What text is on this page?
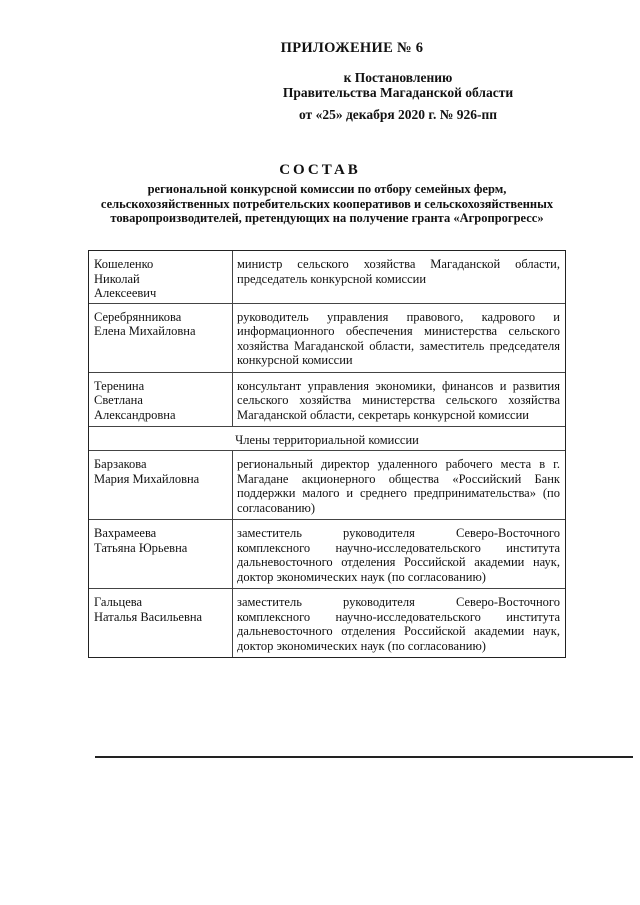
ПРИЛОЖЕНИЕ № 6
к Постановлению
Правительства Магаданской области
от «25» декабря 2020 г. № 926-пп
СОСТАВ
региональной конкурсной комиссии по отбору семейных ферм, сельскохозяйственных потребительских кооперативов и сельскохозяйственных товаропроизводителей, претендующих на получение гранта «Агропрогресс»
Кошеленко
Николай
Алексеевич
министр сельского хозяйства Магаданской области, председатель конкурсной комиссии
Серебрянникова
Елена Михайловна
руководитель управления правового, кадрового и информационного обеспечения министерства сельского хозяйства Магаданской области, заместитель председателя конкурсной комиссии
Теренина
Светлана
Александровна
консультант управления экономики, финансов и развития сельского хозяйства министерства сельского хозяйства Магаданской области, секретарь конкурсной комиссии
Члены территориальной комиссии
Барзакова
Мария Михайловна
региональный директор удаленного рабочего места в г. Магадане акционерного общества «Российский Банк поддержки малого и среднего предпринимательства» (по согласованию)
Вахрамеева
Татьяна Юрьевна
заместитель руководителя Северо-Восточного комплексного научно-исследовательского института дальневосточного отделения Российской академии наук, доктор экономических наук (по согласованию)
Гальцева
Наталья Васильевна
заместитель руководителя Северо-Восточного комплексного научно-исследовательского института дальневосточного отделения Российской академии наук, доктор экономических наук (по согласованию)
